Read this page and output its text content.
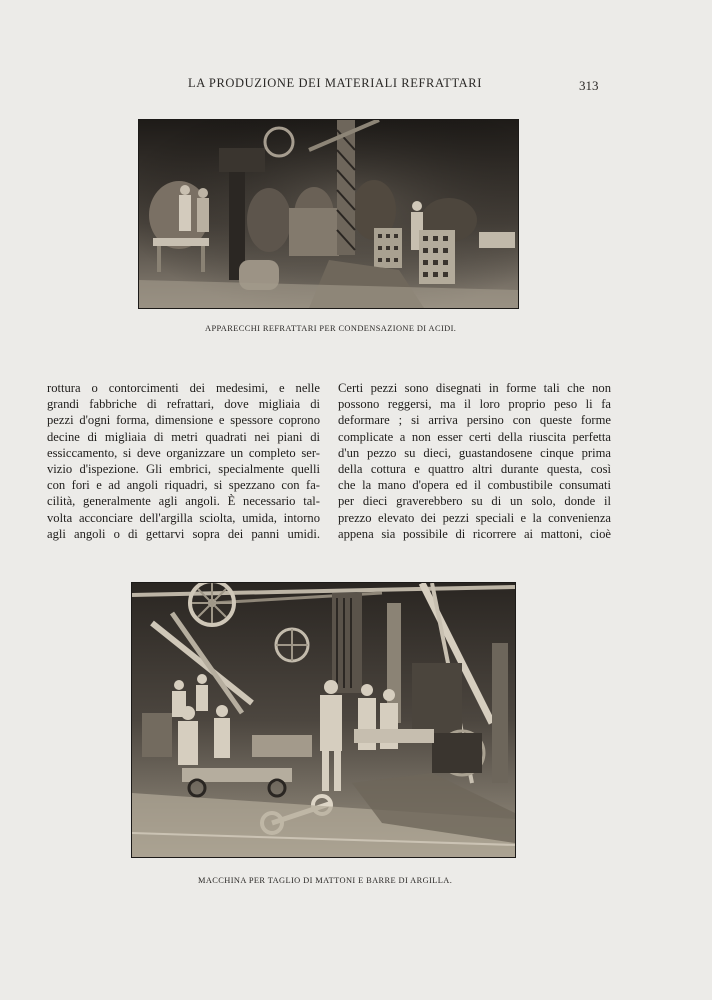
LA PRODUZIONE DEI MATERIALI REFRATTARI	313
APPARECCHI REFRATTARI PER CONDENSAZIONE DI ACIDI.
rottura o contorcimenti dei medesimi, e nelle
grandi fabbriche di refrattari, dove migliaia di
pezzi d'ogni forma, dimensione e spessore coprono
decine di migliaia di metri quadrati nei piani di
essiccamento, si deve organizzare un completo ser-
vizio d'ispezione. Gli embrici, specialmente quelli
con fori e ad angoli riquadri, si spezzano con fa-
cilità, generalmente agli angoli. È necessario tal-
volta acconciare dell'argilla sciolta, umida, intorno
agli angoli o di gettarvi sopra dei panni umidi.
Certi pezzi sono disegnati in forme tali che non
possono reggersi, ma il loro proprio peso li fa
deformare ; si arriva persino con queste forme
complicate a non esser certi della riuscita perfetta
d'un pezzo su dieci, guastandosene cinque prima
della cottura e quattro altri durante questa, così
che la mano d'opera ed il combustibile consumati
per dieci graverebbero su di un solo, donde il
prezzo elevato dei pezzi speciali e la convenienza
appena sia possibile di ricorrere ai mattoni, cioè
MACCHINA PER TAGLIO DI MATTONI E BARRE DI ARGILLA.
